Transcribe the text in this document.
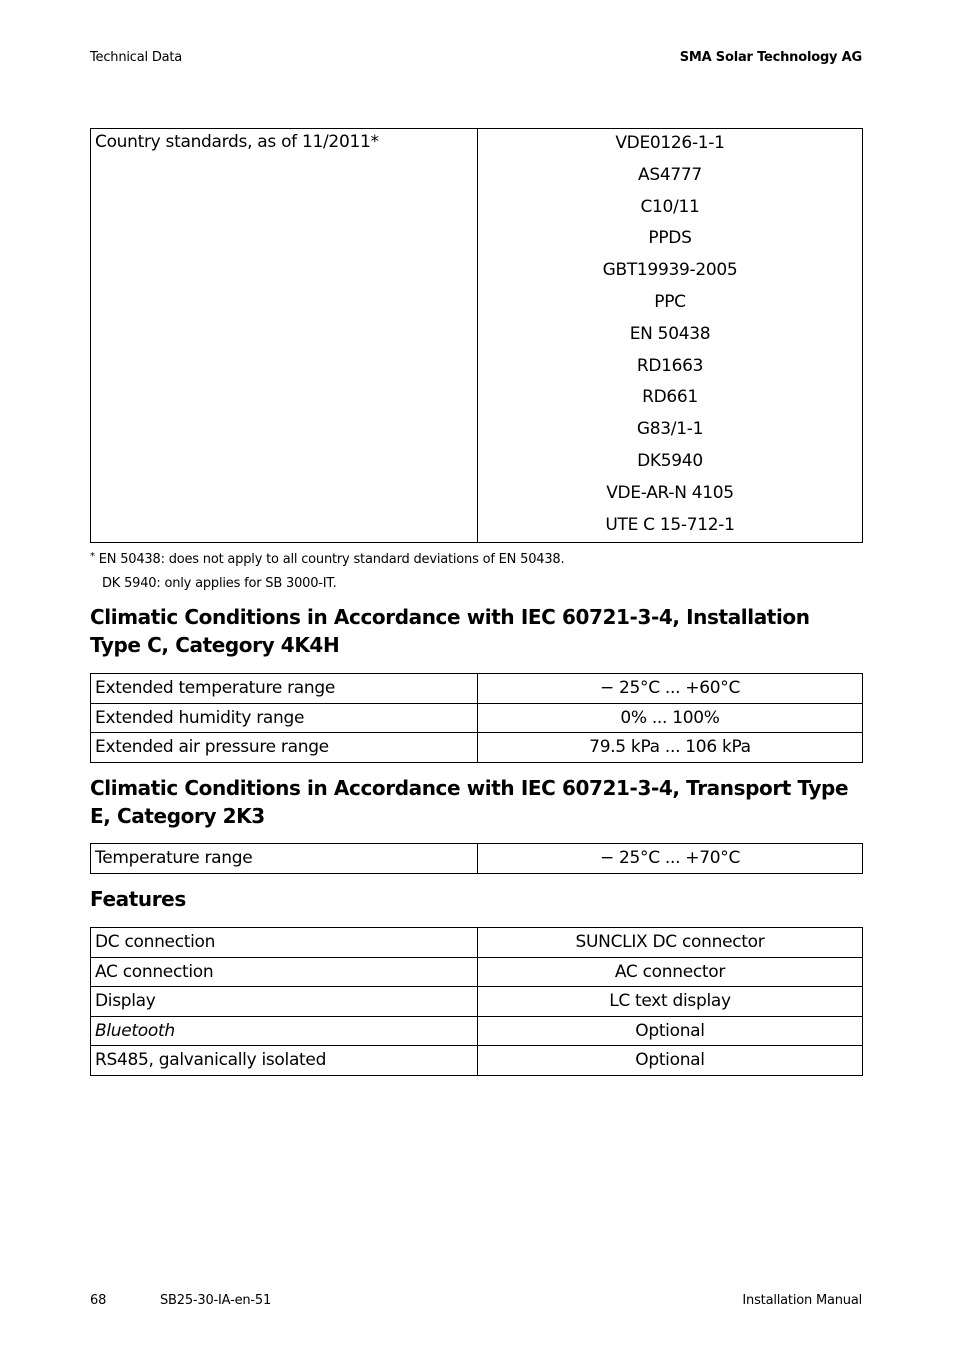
Technical Data	SMA Solar Technology AG
Country standards, as of 11/2011*	VDE0126-1-1
AS4777
C10/11
PPDS
GBT19939-2005
PPC
EN 50438
RD1663
RD661
G83/1-1
DK5940
VDE-AR-N 4105
UTE C 15-712-1
* EN 50438: does not apply to all country standard deviations of EN 50438.
DK 5940: only applies for SB 3000-IT.
Climatic Conditions in Accordance with IEC 60721-3-4, Installation Type C, Category 4K4H
Extended temperature range	− 25°C ... +60°C
Extended humidity range	0% ... 100%
Extended air pressure range	79.5 kPa ... 106 kPa
Climatic Conditions in Accordance with IEC 60721-3-4, Transport Type E, Category 2K3
Temperature range	− 25°C ... +70°C
Features
DC connection	SUNCLIX DC connector
AC connection	AC connector
Display	LC text display
Bluetooth	Optional
RS485, galvanically isolated	Optional
68	SB25-30-IA-en-51	Installation Manual
